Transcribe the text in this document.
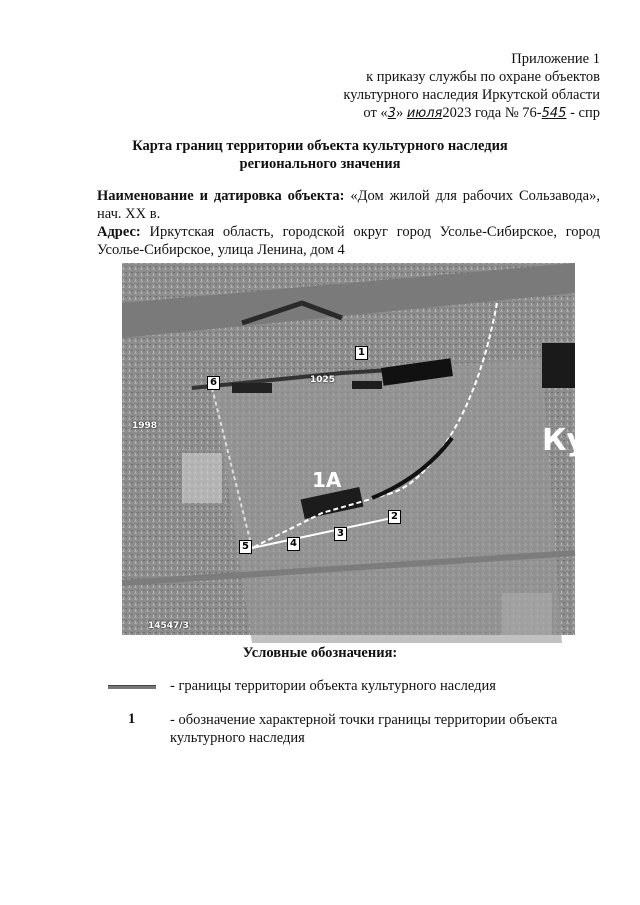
Приложение 1
к приказу службы по охране объектов
культурного наследия Иркутской области
от «3» июля2023 года № 76-545 - спр
Карта границ территории объекта культурного наследия
регионального значения
Наименование и датировка объекта: «Дом жилой для рабочих Сользавода», нач. XX в.
Адрес: Иркутская область, городской округ город Усолье-Сибирское, город Усолье-Сибирское, улица Ленина, дом 4
1
2
3
4
5
6
1А
1025
1998
14547/3
Ку
Условные обозначения:
- границы территории объекта культурного наследия
1 - обозначение характерной точки границы территории объекта культурного наследия
